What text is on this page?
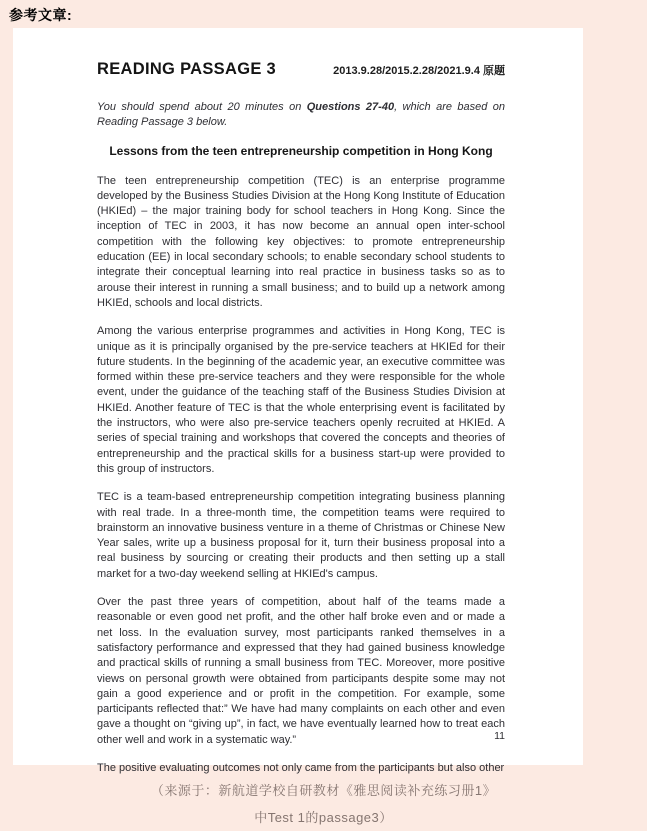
参考文章:
READING PASSAGE 3	2013.9.28/2015.2.28/2021.9.4 原题

You should spend about 20 minutes on Questions 27-40, which are based on Reading Passage 3 below.

Lessons from the teen entrepreneurship competition in Hong Kong

The teen entrepreneurship competition (TEC) is an enterprise programme developed by the Business Studies Division at the Hong Kong Institute of Education (HKIEd) – the major training body for school teachers in Hong Kong. Since the inception of TEC in 2003, it has now become an annual open inter-school competition with the following key objectives: to promote entrepreneurship education (EE) in local secondary schools; to enable secondary school students to integrate their conceptual learning into real practice in business tasks so as to arouse their interest in running a small business; and to build up a network among HKIEd, schools and local districts.

Among the various enterprise programmes and activities in Hong Kong, TEC is unique as it is principally organised by the pre-service teachers at HKIEd for their future students. In the beginning of the academic year, an executive committee was formed within these pre-service teachers and they were responsible for the whole event, under the guidance of the teaching staff of the Business Studies Division at HKIEd. Another feature of TEC is that the whole enterprising event is facilitated by the instructors, who were also pre-service teachers openly recruited at HKIEd. A series of special training and workshops that covered the concepts and theories of entrepreneurship and the practical skills for a business start-up were provided to this group of instructors.

TEC is a team-based entrepreneurship competition integrating business planning with real trade. In a three-month time, the competition teams were required to brainstorm an innovative business venture in a theme of Christmas or Chinese New Year sales, write up a business proposal for it, turn their business proposal into a real business by sourcing or creating their products and then setting up a stall market for a two-day weekend selling at HKIEd's campus.

Over the past three years of competition, about half of the teams made a reasonable or even good net profit, and the other half broke even and or made a net loss. In the evaluation survey, most participants ranked themselves in a satisfactory performance and expressed that they had gained business knowledge and practical skills of running a small business from TEC. Moreover, more positive views on personal growth were obtained from participants despite some may not gain a good experience and or profit in the competition. For example, some participants reflected that:” We have had many complaints on each other and even gave a thought on “giving up”, in fact, we have eventually learned how to treat each other well and work in a systematic way.”

The positive evaluating outcomes not only came from the participants but also other

11
（来源于：新航道学校自研教材《雅思阅读补充练习册1》
中Test 1的passage3）
